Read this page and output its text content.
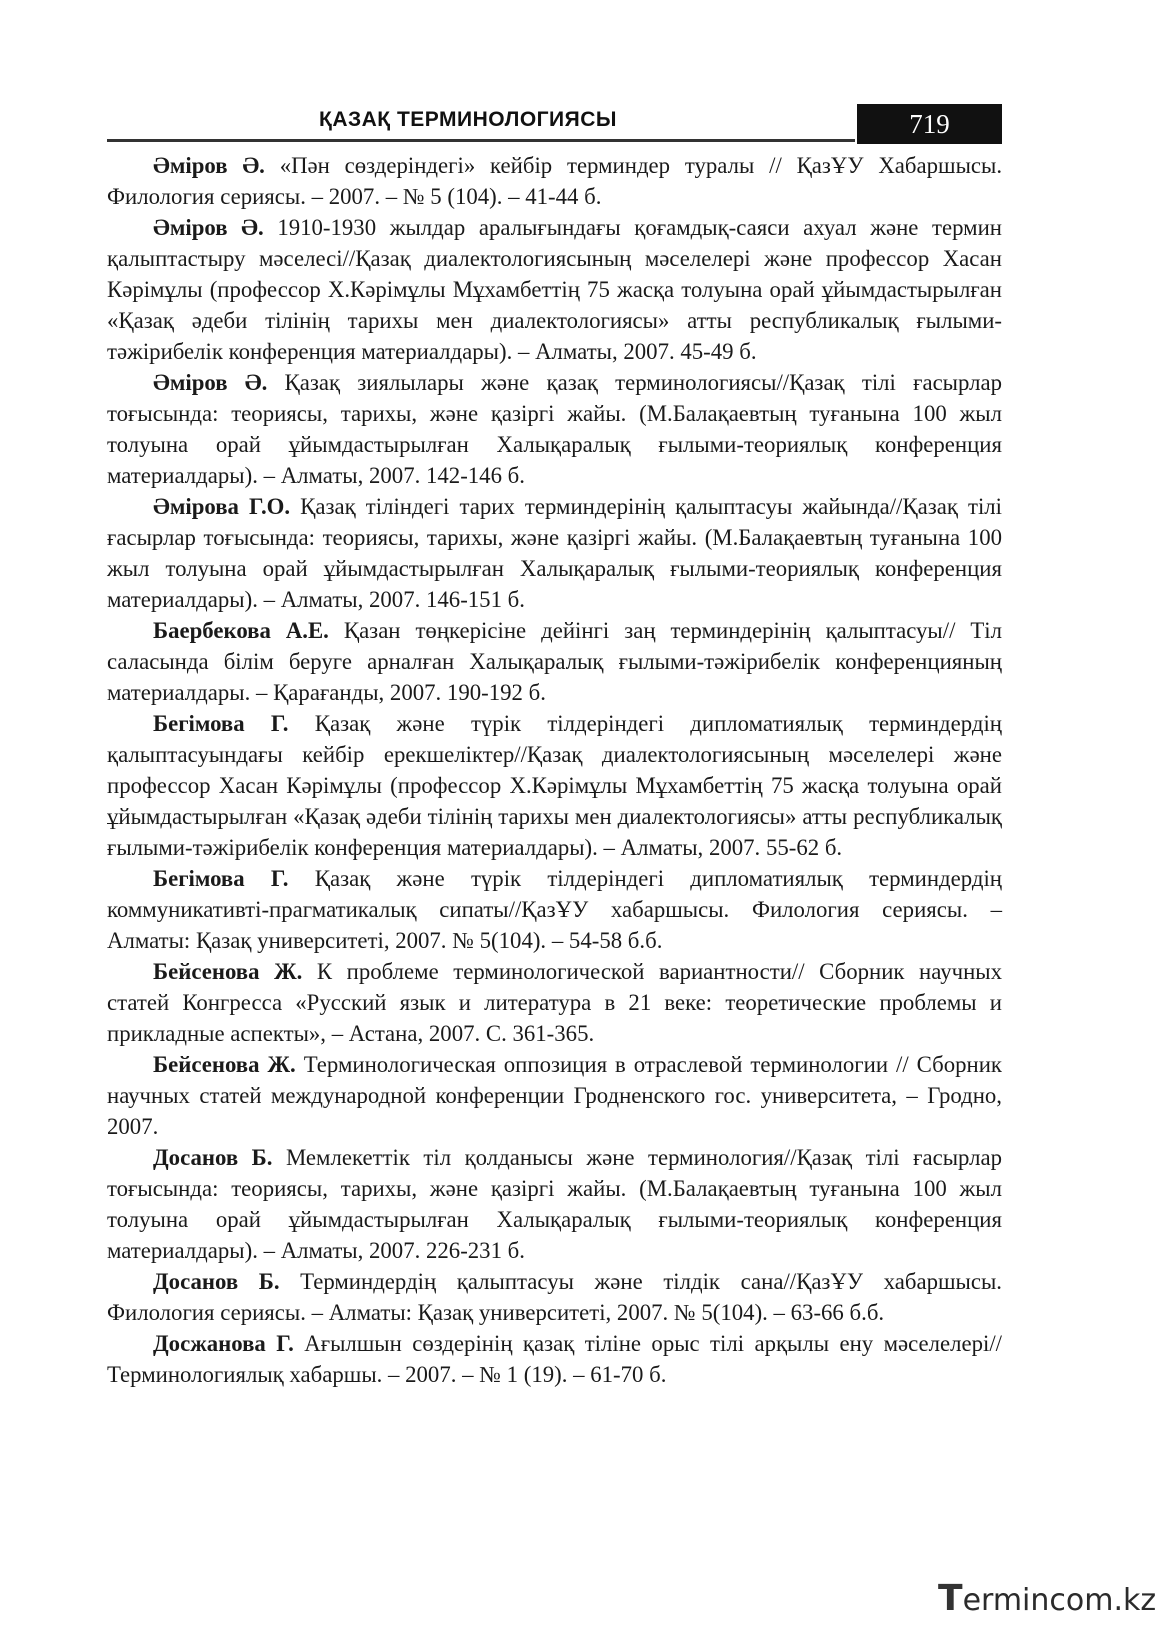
ҚАЗАҚ ТЕРМИНОЛОГИЯСЫ	719

Әміров Ә. «Пән сөздеріндегі» кейбір терминдер туралы // ҚазҰУ Хабаршысы. Филология сериясы. – 2007. – № 5 (104). – 41-44 б.

Әміров Ә. 1910-1930 жылдар аралығындағы қоғамдық-саяси ахуал және термин қалыптастыру мәселесі//Қазақ диалектологиясының мәселелері және профессор Хасан Кәрімұлы (профессор Х.Кәрімұлы Мұхамбеттің 75 жасқа толуына орай ұйымдастырылған «Қазақ әдеби тілінің тарихы мен диалектологиясы» атты республикалық ғылыми-тәжірибелік конференция материалдары). – Алматы, 2007. 45-49 б.

Әміров Ә. Қазақ зиялылары және қазақ терминологиясы//Қазақ тілі ғасырлар тоғысында: теориясы, тарихы, және қазіргі жайы. (М.Балақаевтың туғанына 100 жыл толуына орай ұйымдастырылған Халықаралық ғылыми-теориялық конференция материалдары). – Алматы, 2007. 142-146 б.

Әмірова Г.О. Қазақ тіліндегі тарих терминдерінің қалыптасуы жайында//Қазақ тілі ғасырлар тоғысында: теориясы, тарихы, және қазіргі жайы. (М.Балақаевтың туғанына 100 жыл толуына орай ұйымдастырылған Халықаралық ғылыми-теориялық конференция материалдары). – Алматы, 2007. 146-151 б.

Баербекова А.Е. Қазан төңкерісіне дейінгі заң терминдерінің қалыптасуы// Тіл саласында білім беруге арналған Халықаралық ғылыми-тәжірибелік конференцияның материалдары. – Қарағанды, 2007. 190-192 б.

Бегімова Г. Қазақ және түрік тілдеріндегі дипломатиялық терминдердің қалыптасуындағы кейбір ерекшеліктер//Қазақ диалектологиясының мәселелері және профессор Хасан Кәрімұлы (профессор Х.Кәрімұлы Мұхамбеттің 75 жасқа толуына орай ұйымдастырылған «Қазақ әдеби тілінің тарихы мен диалектологиясы» атты республикалық ғылыми-тәжірибелік конференция материалдары). – Алматы, 2007. 55-62 б.

Бегімова Г. Қазақ және түрік тілдеріндегі дипломатиялық терминдердің коммуникативті-прагматикалық сипаты//ҚазҰУ хабаршысы. Филология сериясы. – Алматы: Қазақ университеті, 2007. № 5(104). – 54-58 б.б.

Бейсенова Ж. К проблеме терминологической вариантности// Сборник научных статей Конгресса «Русский язык и литература в 21 веке: теоретические проблемы и прикладные аспекты», – Астана, 2007. С. 361-365.

Бейсенова Ж. Терминологическая оппозиция в отраслевой терминологии // Сборник научных статей международной конференции Гродненского гос. университета, – Гродно, 2007.

Досанов Б. Мемлекеттік тіл қолданысы және терминология//Қазақ тілі ғасырлар тоғысында: теориясы, тарихы, және қазіргі жайы. (М.Балақаевтың туғанына 100 жыл толуына орай ұйымдастырылған Халықаралық ғылыми-теориялық конференция материалдары). – Алматы, 2007. 226-231 б.

Досанов Б. Терминдердің қалыптасуы және тілдік сана//ҚазҰУ хабаршысы. Филология сериясы. – Алматы: Қазақ университеті, 2007. № 5(104). – 63-66 б.б.

Досжанова Г. Ағылшын сөздерінің қазақ тіліне орыс тілі арқылы ену мәселелері// Терминологиялық хабаршы. – 2007. – № 1 (19). – 61-70 б.

Termincom.kz
